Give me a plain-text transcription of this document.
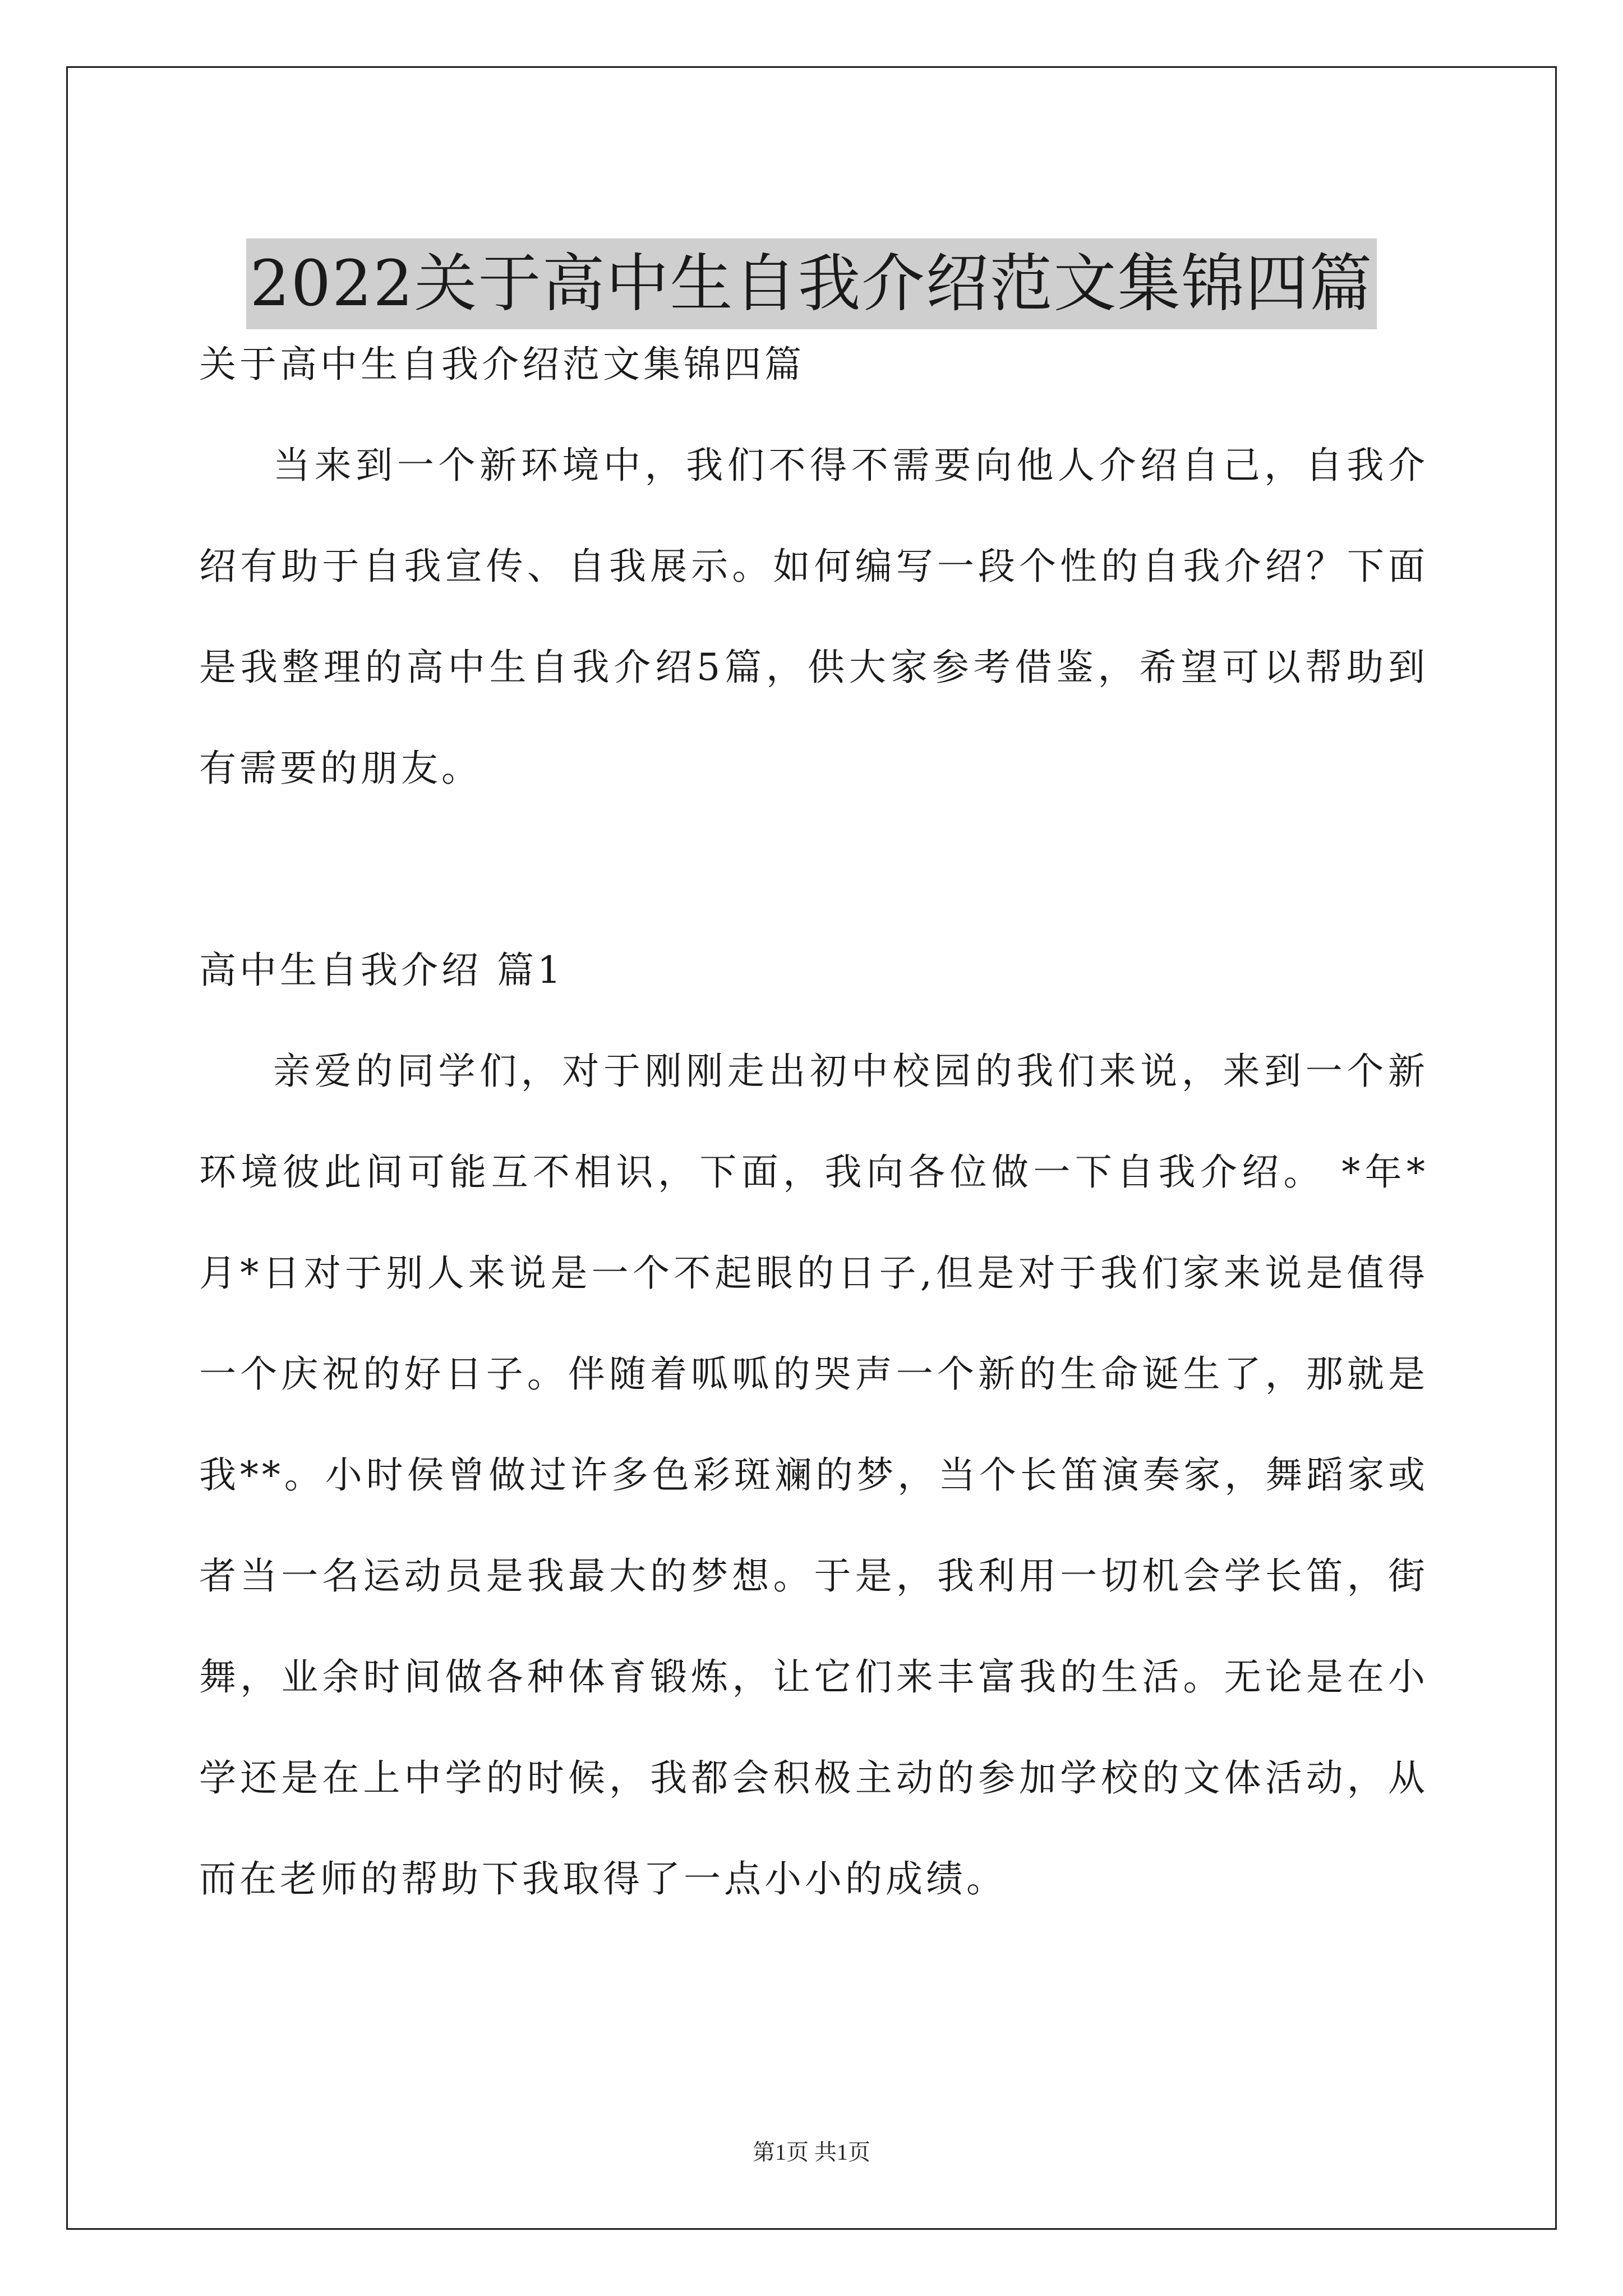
2022关于高中生自我介绍范文集锦四篇

关于高中生自我介绍范文集锦四篇

当来到一个新环境中，我们不得不需要向他人介绍自己，自我介绍有助于自我宣传、自我展示。如何编写一段个性的自我介绍？下面是我整理的高中生自我介绍5篇，供大家参考借鉴，希望可以帮助到有需要的朋友。

高中生自我介绍 篇1

亲爱的同学们，对于刚刚走出初中校园的我们来说，来到一个新环境彼此间可能互不相识，下面，我向各位做一下自我介绍。 *年*月*日对于别人来说是一个不起眼的日子,但是对于我们家来说是值得一个庆祝的好日子。伴随着呱呱的哭声一个新的生命诞生了，那就是我**。小时侯曾做过许多色彩斑斓的梦，当个长笛演奏家，舞蹈家或者当一名运动员是我最大的梦想。于是，我利用一切机会学长笛，街舞，业余时间做各种体育锻炼，让它们来丰富我的生活。无论是在小学还是在上中学的时候，我都会积极主动的参加学校的文体活动，从而在老师的帮助下我取得了一点小小的成绩。

第1页 共1页
